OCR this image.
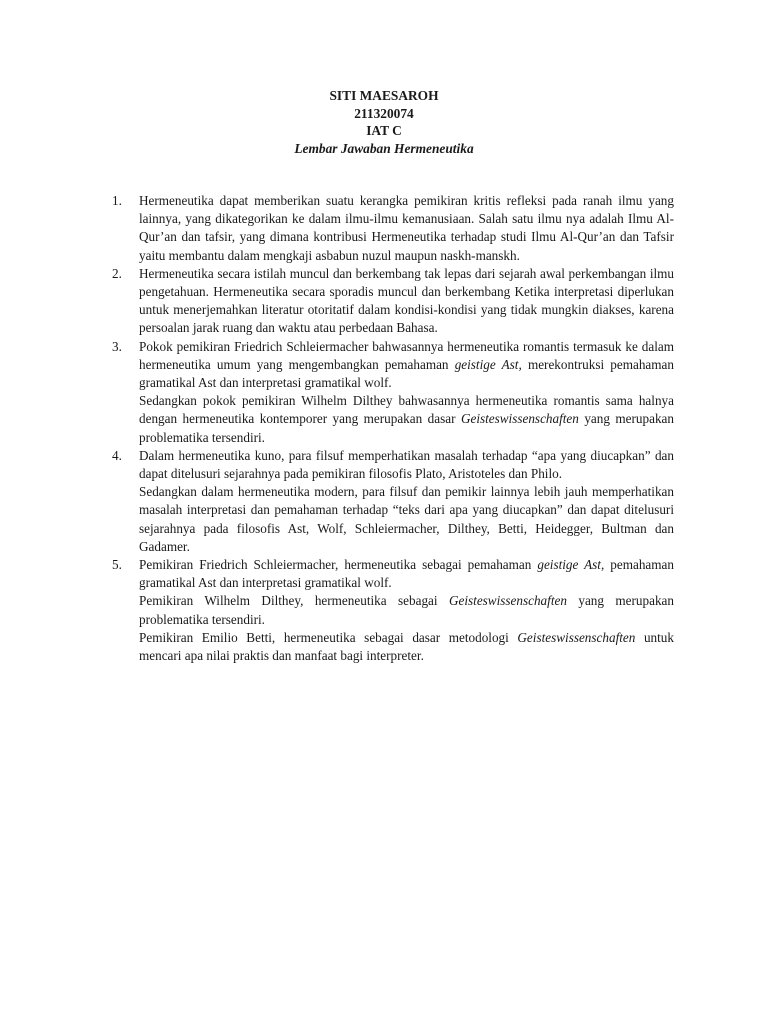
SITI MAESAROH
211320074
IAT C
Lembar Jawaban Hermeneutika
1.	Hermeneutika dapat memberikan suatu kerangka pemikiran kritis refleksi pada ranah ilmu yang lainnya, yang dikategorikan ke dalam ilmu-ilmu kemanusiaan. Salah satu ilmu nya adalah Ilmu Al-Qur’an dan tafsir, yang dimana kontribusi Hermeneutika terhadap studi Ilmu Al-Qur’an dan Tafsir yaitu membantu dalam mengkaji asbabun nuzul maupun naskh-manskh.

2.	Hermeneutika secara istilah muncul dan berkembang tak lepas dari sejarah awal perkembangan ilmu pengetahuan. Hermeneutika secara sporadis muncul dan berkembang Ketika interpretasi diperlukan untuk menerjemahkan literatur otoritatif dalam kondisi-kondisi yang tidak mungkin diakses, karena persoalan jarak ruang dan waktu atau perbedaan Bahasa.

3.	Pokok pemikiran Friedrich Schleiermacher bahwasannya hermeneutika romantis termasuk ke dalam hermeneutika umum yang mengembangkan pemahaman geistige Ast, merekontruksi pemahaman gramatikal Ast dan interpretasi gramatikal wolf.

Sedangkan pokok pemikiran Wilhelm Dilthey bahwasannya hermeneutika romantis sama halnya dengan hermeneutika kontemporer yang merupakan dasar Geisteswissenschaften yang merupakan problematika tersendiri.

4.	Dalam hermeneutika kuno, para filsuf memperhatikan masalah terhadap “apa yang diucapkan” dan dapat ditelusuri sejarahnya pada pemikiran filosofis Plato, Aristoteles dan Philo.

Sedangkan dalam hermeneutika modern, para filsuf dan pemikir lainnya lebih jauh memperhatikan masalah interpretasi dan pemahaman terhadap “teks dari apa yang diucapkan” dan dapat ditelusuri sejarahnya pada filosofis Ast, Wolf, Schleiermacher, Dilthey, Betti, Heidegger, Bultman dan Gadamer.

5.	Pemikiran Friedrich Schleiermacher, hermeneutika sebagai pemahaman geistige Ast, pemahaman gramatikal Ast dan interpretasi gramatikal wolf.

Pemikiran Wilhelm Dilthey, hermeneutika sebagai Geisteswissenschaften yang merupakan problematika tersendiri.

Pemikiran Emilio Betti, hermeneutika sebagai dasar metodologi Geisteswissenschaften untuk mencari apa nilai praktis dan manfaat bagi interpreter.
